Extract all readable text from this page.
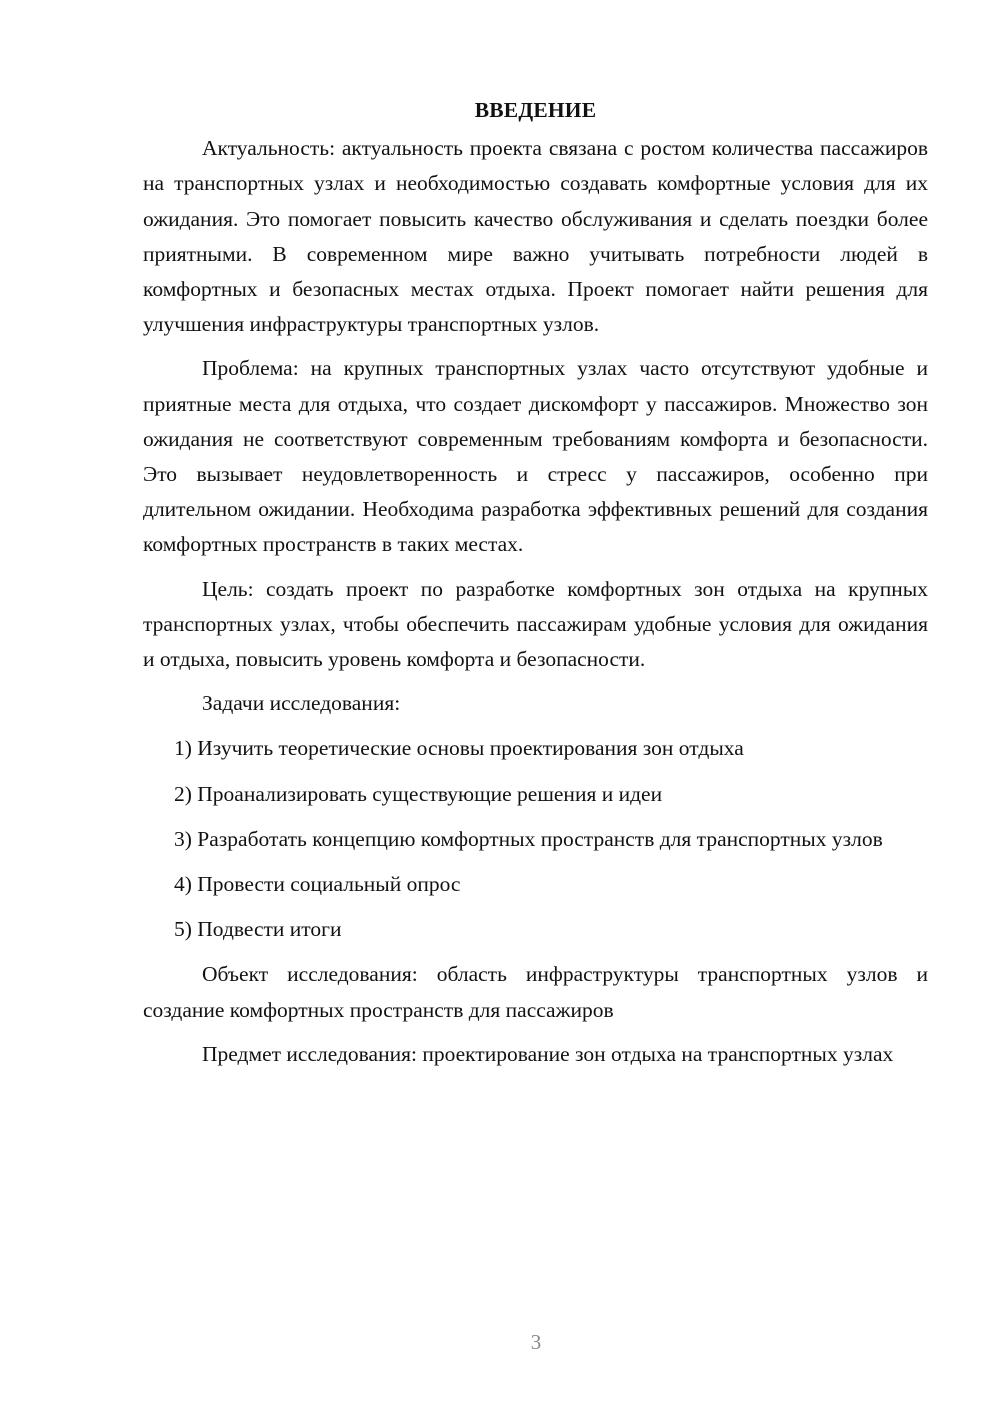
ВВЕДЕНИЕ
Актуальность: актуальность проекта связана с ростом количества пассажиров на транспортных узлах и необходимостью создавать комфортные условия для их ожидания. Это помогает повысить качество обслуживания и сделать поездки более приятными. В современном мире важно учитывать потребности людей в комфортных и безопасных местах отдыха. Проект помогает найти решения для улучшения инфраструктуры транспортных узлов.
Проблема: на крупных транспортных узлах часто отсутствуют удобные и приятные места для отдыха, что создает дискомфорт у пассажиров. Множество зон ожидания не соответствуют современным требованиям комфорта и безопасности. Это вызывает неудовлетворенность и стресс у пассажиров, особенно при длительном ожидании. Необходима разработка эффективных решений для создания комфортных пространств в таких местах.
Цель: создать проект по разработке комфортных зон отдыха на крупных транспортных узлах, чтобы обеспечить пассажирам удобные условия для ожидания и отдыха, повысить уровень комфорта и безопасности.
Задачи исследования:
1) Изучить теоретические основы проектирования зон отдыха
2) Проанализировать существующие решения и идеи
3) Разработать концепцию комфортных пространств для транспортных узлов
4) Провести социальный опрос
5) Подвести итоги
Объект исследования: область инфраструктуры транспортных узлов и создание комфортных пространств для пассажиров
Предмет исследования: проектирование зон отдыха на транспортных узлах
3
